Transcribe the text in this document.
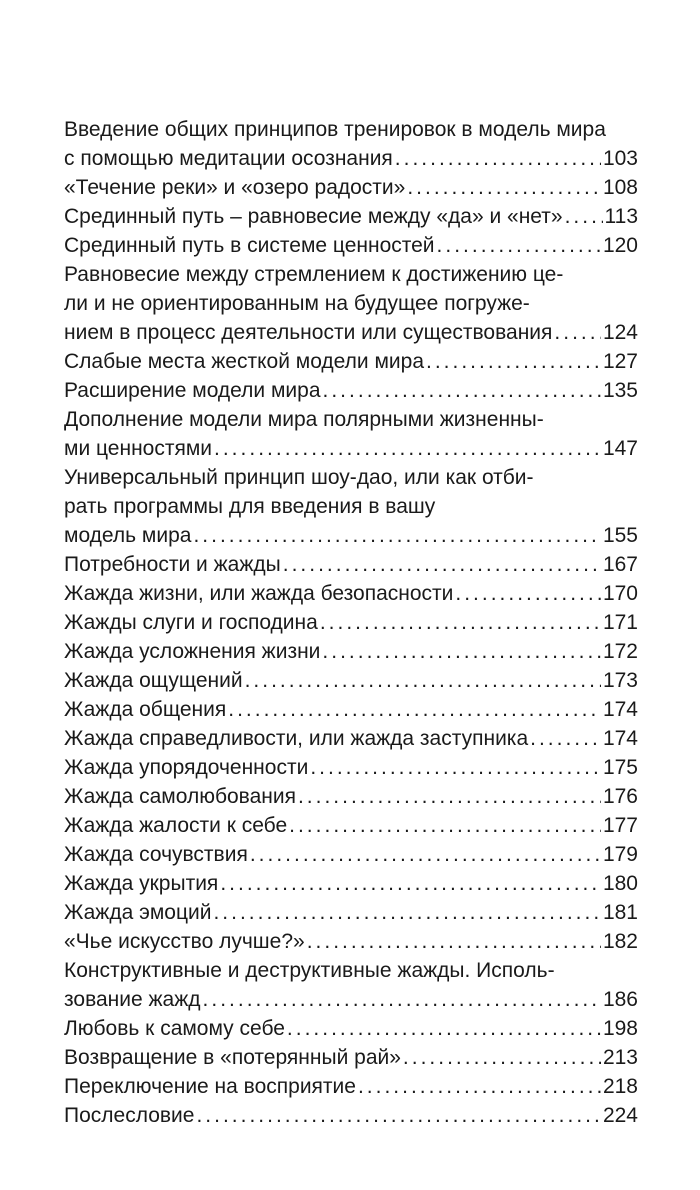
Введение общих принципов тренировок в модель мира
с помощью медитации осознания .....	103
«Течение реки» и «озеро радости» .....	108
Срединный путь – равновесие между «да» и «нет» ..... 113
Срединный путь в системе ценностей .....	120
Равновесие между стремлением к достижению це-
ли и не ориентированным на будущее погруже-
нием в процесс деятельности или существования ..... 124
Слабые места жесткой модели мира .....	127
Расширение модели мира .....	135
Дополнение модели мира полярными жизненны-
ми ценностями .....	147
Универсальный принцип шоу-дао, или как отби-
рать программы для введения в вашу
модель мира .....	155
Потребности и жажды .....	167
Жажда жизни, или жажда безопасности .....	170
Жажды слуги и господина .....	171
Жажда усложнения жизни .....	172
Жажда ощущений .....	173
Жажда общения .....	174
Жажда справедливости, или жажда заступника .....	174
Жажда упорядоченности .....	175
Жажда самолюбования .....	176
Жажда жалости к себе .....	177
Жажда сочувствия .....	179
Жажда укрытия .....	180
Жажда эмоций .....	181
«Чье искусство лучше?» .....	182
Конструктивные и деструктивные жажды. Исполь-
зование жажд .....	186
Любовь к самому себе .....	198
Возвращение в «потерянный рай» .....	213
Переключение на восприятие .....	218
Послесловие .....	224
